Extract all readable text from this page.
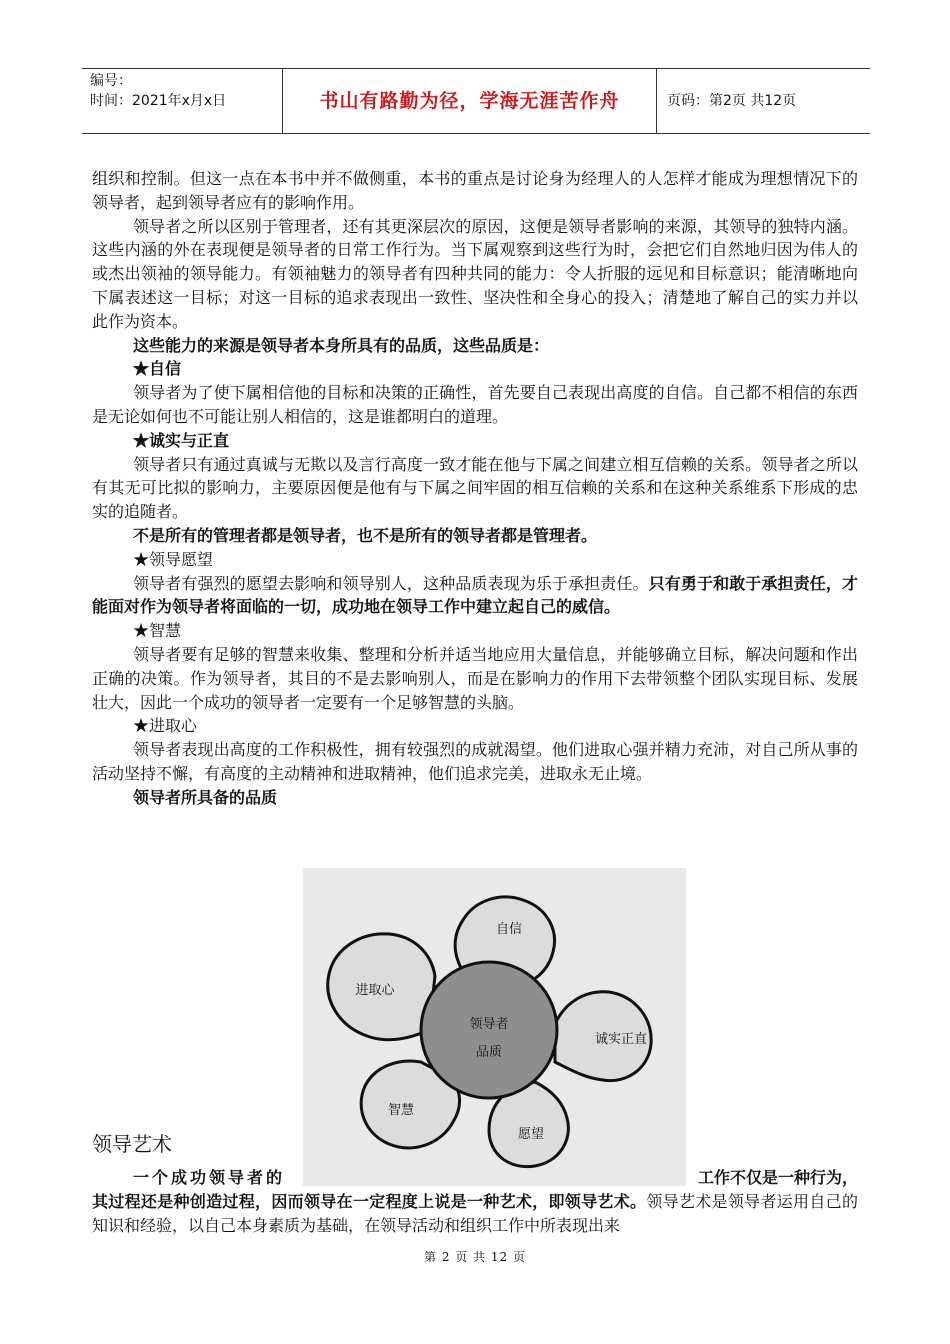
编号：
时间：2021年x月x日	书山有路勤为径，学海无涯苦作舟	页码：第2页 共12页

组织和控制。但这一点在本书中并不做侧重，本书的重点是讨论身为经理人的人怎样才能成为理想情况下的领导者，起到领导者应有的影响作用。

领导者之所以区别于管理者，还有其更深层次的原因，这便是领导者影响的来源，其领导的独特内涵。这些内涵的外在表现便是领导者的日常工作行为。当下属观察到这些行为时，会把它们自然地归因为伟人的或杰出领袖的领导能力。有领袖魅力的领导者有四种共同的能力：令人折服的远见和目标意识；能清晰地向下属表述这一目标；对这一目标的追求表现出一致性、坚决性和全身心的投入；清楚地了解自己的实力并以此作为资本。

这些能力的来源是领导者本身所具有的品质，这些品质是：

★自信

领导者为了使下属相信他的目标和决策的正确性，首先要自己表现出高度的自信。自己都不相信的东西是无论如何也不可能让别人相信的，这是谁都明白的道理。

★诚实与正直

领导者只有通过真诚与无欺以及言行高度一致才能在他与下属之间建立相互信赖的关系。领导者之所以有其无可比拟的影响力，主要原因便是他有与下属之间牢固的相互信赖的关系和在这种关系维系下形成的忠实的追随者。

不是所有的管理者都是领导者，也不是所有的领导者都是管理者。

★领导愿望

领导者有强烈的愿望去影响和领导别人，这种品质表现为乐于承担责任。只有勇于和敢于承担责任，才能面对作为领导者将面临的一切，成功地在领导工作中建立起自己的威信。

★智慧

领导者要有足够的智慧来收集、整理和分析并适当地应用大量信息，并能够确立目标，解决问题和作出正确的决策。作为领导者，其目的不是去影响别人，而是在影响力的作用下去带领整个团队实现目标、发展壮大，因此一个成功的领导者一定要有一个足够智慧的头脑。

★进取心

领导者表现出高度的工作积极性，拥有较强烈的成就渴望。他们进取心强并精力充沛，对自己所从事的活动坚持不懈，有高度的主动精神和进取精神，他们追求完美，进取永无止境。

领导者所具备的品质

领导者
品质
自信
诚实正直
愿望
智慧
进取心
领导艺术
一个成功领导者的	工作不仅是一种行为，
其过程还是种创造过程，因而领导在一定程度上说是一种艺术，即领导艺术。领导艺术是领导者运用自己的知识和经验，以自己本身素质为基础，在领导活动和组织工作中所表现出来
第 2 页 共 12 页
